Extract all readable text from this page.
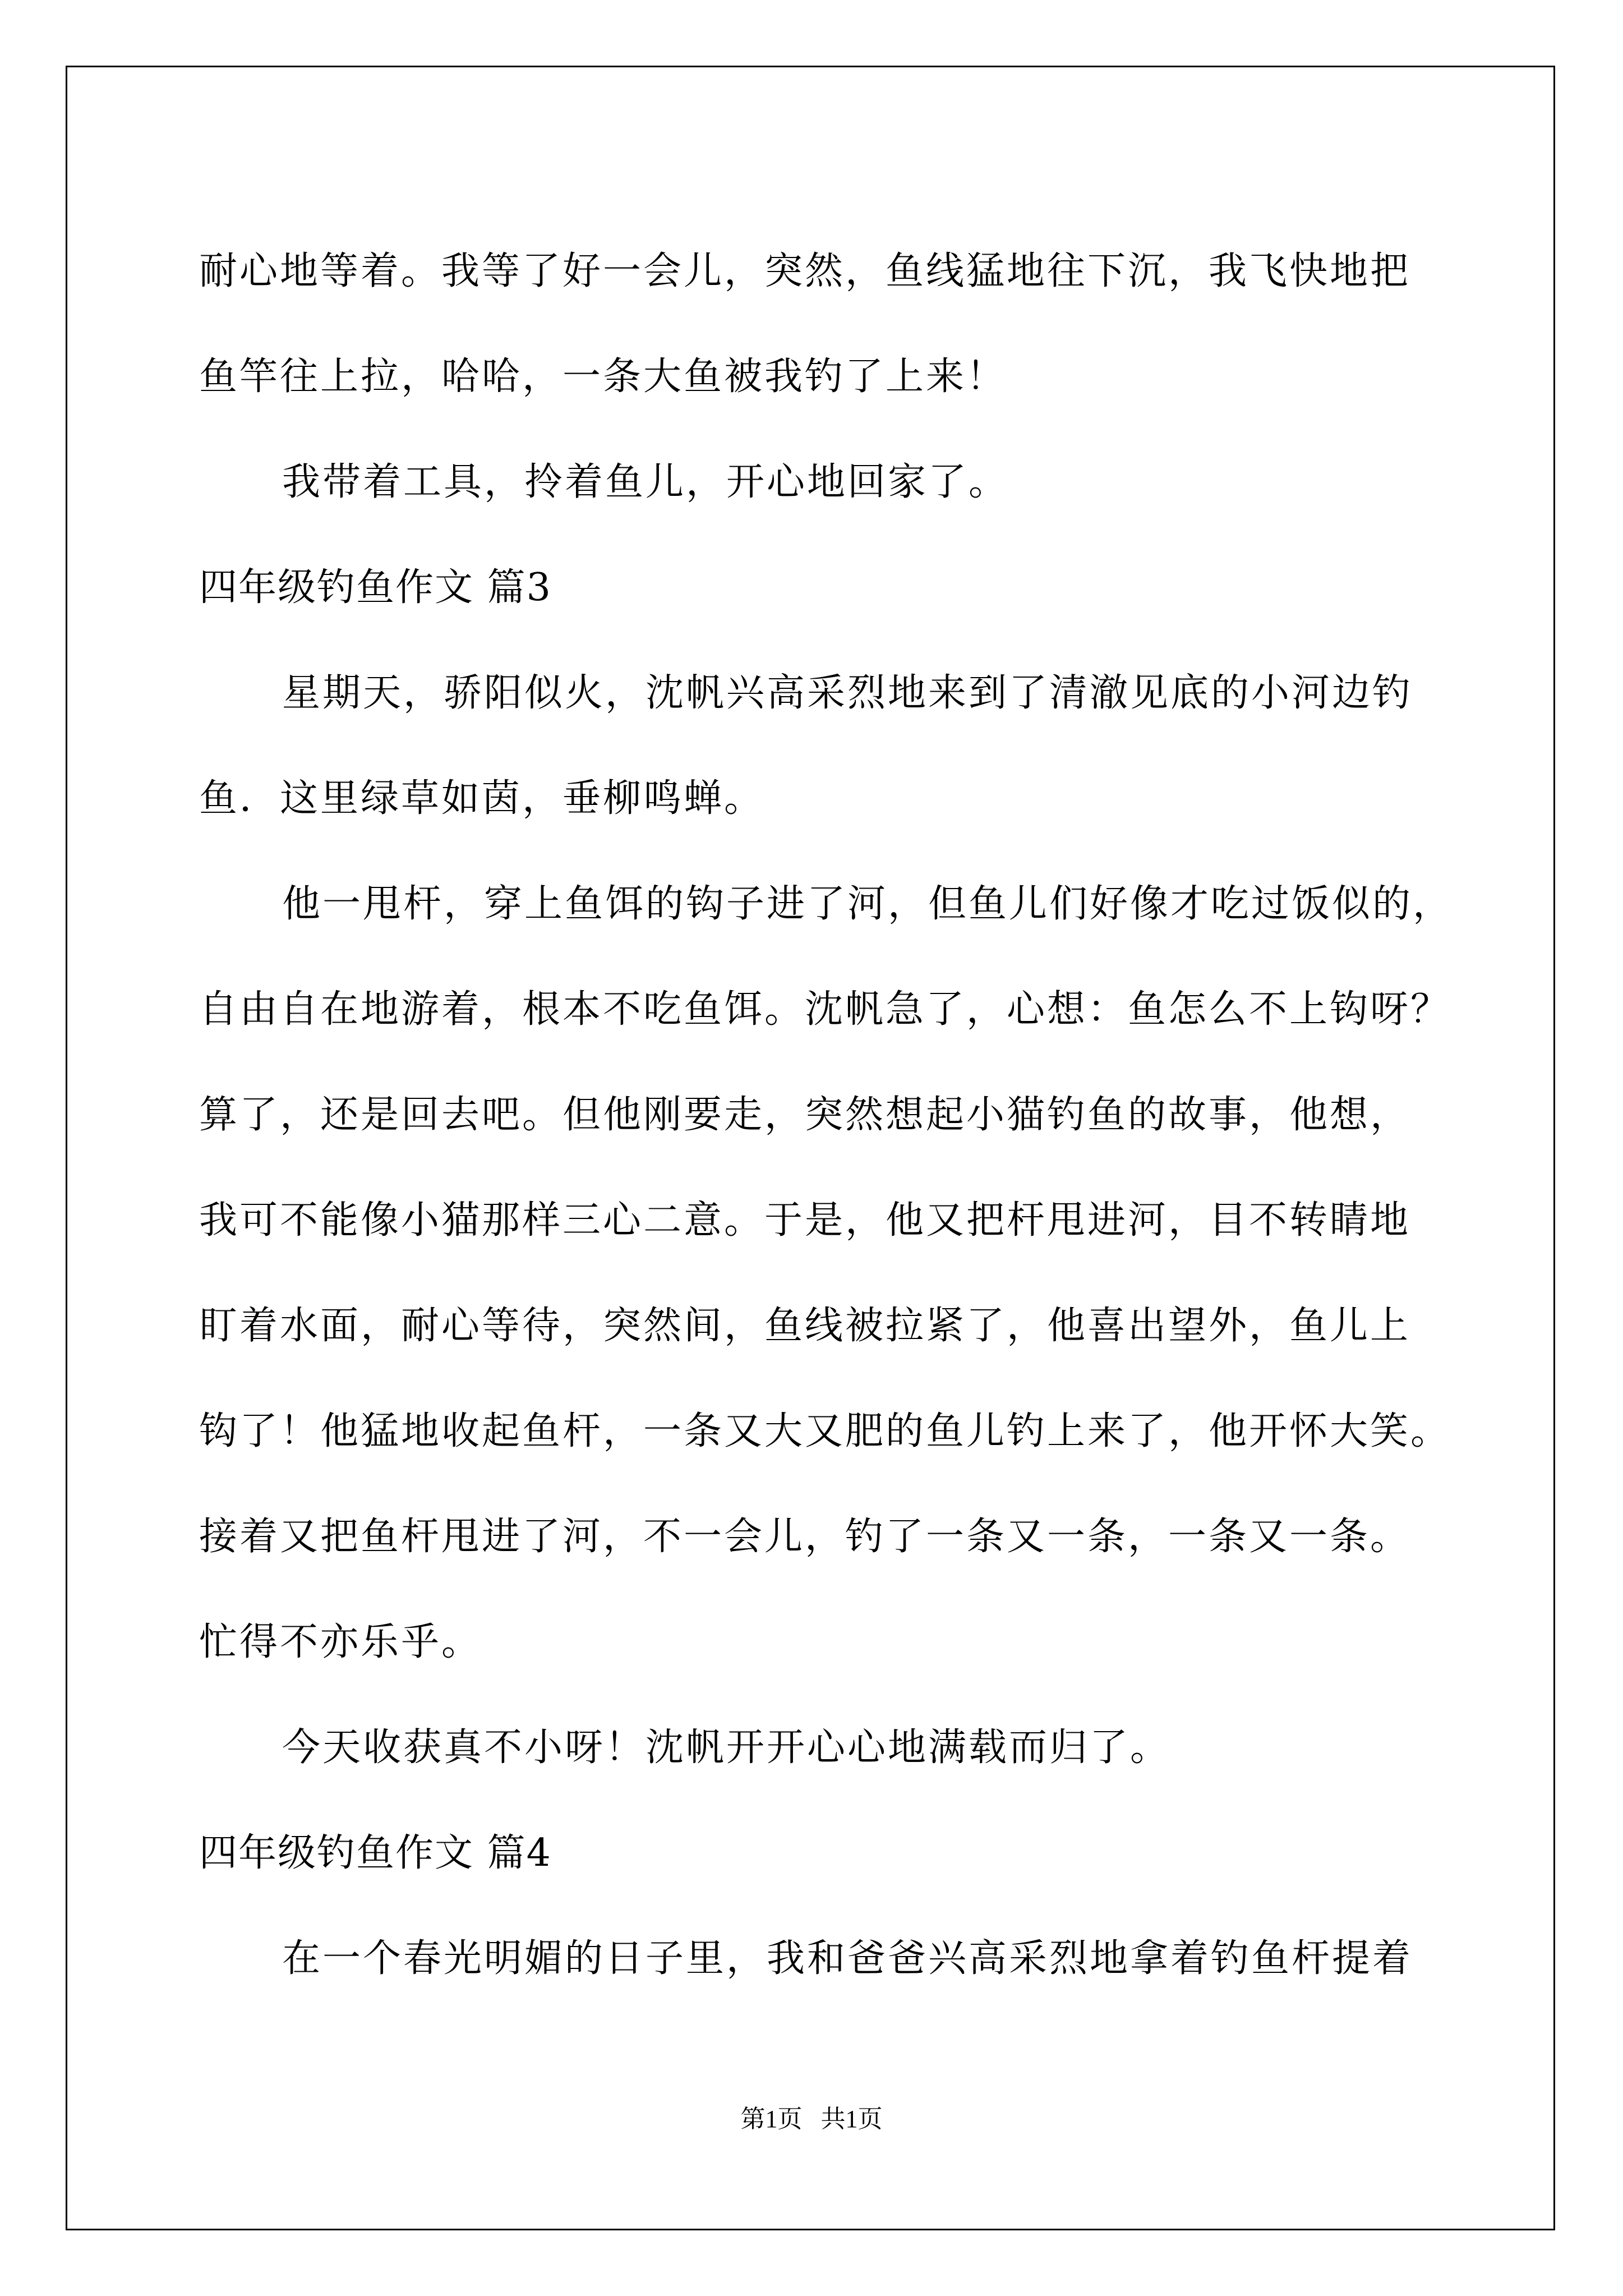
耐心地等着。我等了好一会儿，突然，鱼线猛地往下沉，我飞快地把
鱼竿往上拉，哈哈，一条大鱼被我钓了上来！
我带着工具，拎着鱼儿，开心地回家了。
四年级钓鱼作文 篇3
星期天，骄阳似火，沈帆兴高采烈地来到了清澈见底的小河边钓
鱼．这里绿草如茵，垂柳鸣蝉。
他一甩杆，穿上鱼饵的钩子进了河，但鱼儿们好像才吃过饭似的，
自由自在地游着，根本不吃鱼饵。沈帆急了，心想：鱼怎么不上钩呀？
算了，还是回去吧。但他刚要走，突然想起小猫钓鱼的故事，他想，
我可不能像小猫那样三心二意。于是，他又把杆甩进河，目不转睛地
盯着水面，耐心等待，突然间，鱼线被拉紧了，他喜出望外，鱼儿上
钩了！他猛地收起鱼杆，一条又大又肥的鱼儿钓上来了，他开怀大笑。
接着又把鱼杆甩进了河，不一会儿，钓了一条又一条，一条又一条。
忙得不亦乐乎。
今天收获真不小呀！沈帆开开心心地满载而归了。
四年级钓鱼作文 篇4
在一个春光明媚的日子里，我和爸爸兴高采烈地拿着钓鱼杆提着
第1页   共1页
